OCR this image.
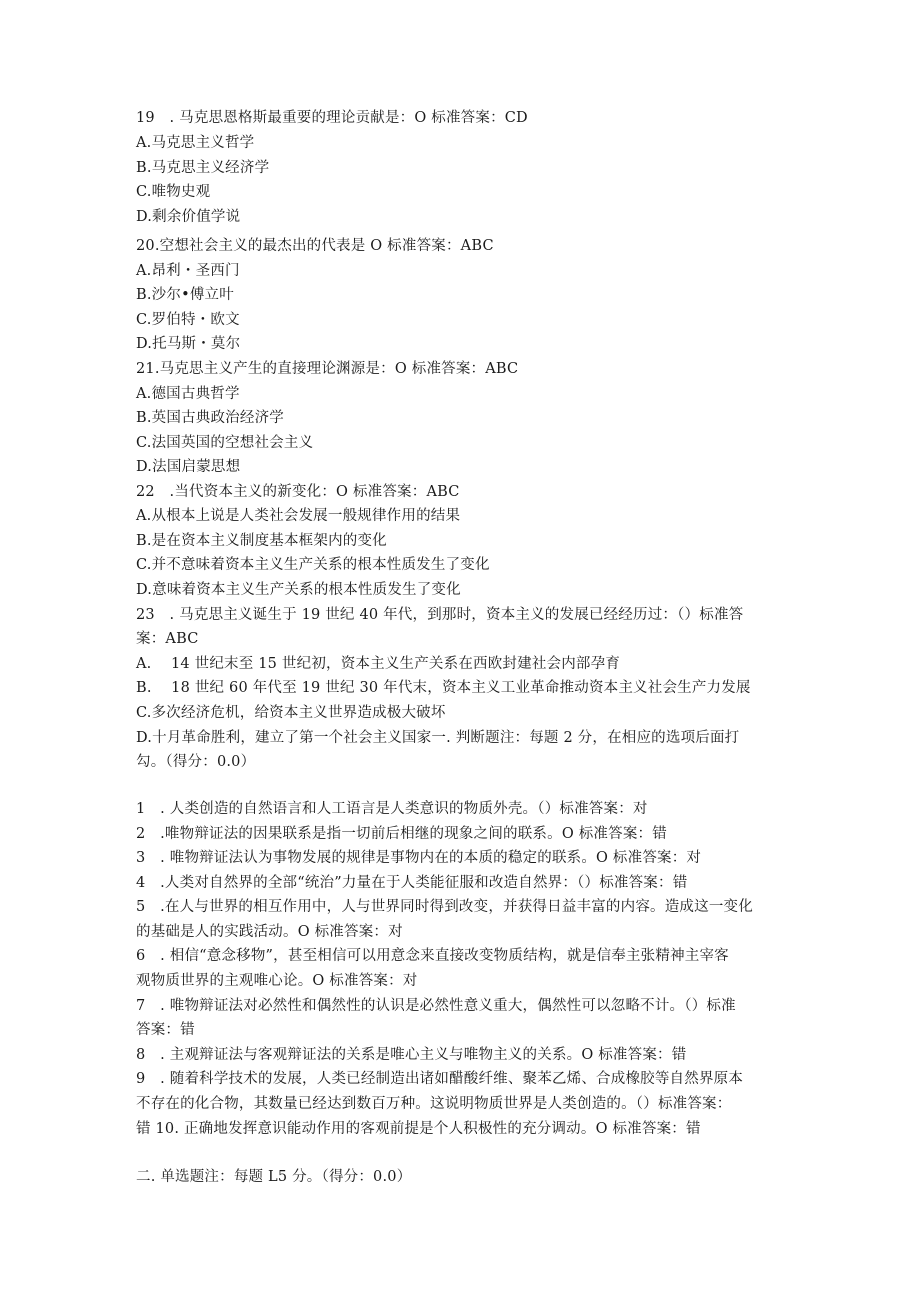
19　. 马克思恩格斯最重要的理论贡献是：O 标准答案：CD
A.马克思主义哲学
B.马克思主义经济学
C.唯物史观
D.剩余价值学说
20.空想社会主义的最杰出的代表是 O 标准答案：ABC
A.昂利・圣西门
B.沙尔•傅立叶
C.罗伯特・欧文
D.托马斯・莫尔
21.马克思主义产生的直接理论渊源是：O 标准答案：ABC
A.德国古典哲学
B.英国古典政治经济学
C.法国英国的空想社会主义
D.法国启蒙思想
22　.当代资本主义的新变化：O 标准答案：ABC
A.从根本上说是人类社会发展一般规律作用的结果
B.是在资本主义制度基本框架内的变化
C.并不意味着资本主义生产关系的根本性质发生了变化
D.意味着资本主义生产关系的根本性质发生了变化
23　. 马克思主义诞生于 19 世纪 40 年代，到那时，资本主义的发展已经经历过：（）标准答
案：ABC
A.　 14 世纪末至 15 世纪初，资本主义生产关系在西欧封建社会内部孕育
B.　 18 世纪 60 年代至 19 世纪 30 年代末，资本主义工业革命推动资本主义社会生产力发展
C.多次经济危机，给资本主义世界造成极大破坏
D.十月革命胜利，建立了第一个社会主义国家一. 判断题注：每题 2 分，在相应的选项后面打
勾。（得分：0.0）
1　. 人类创造的自然语言和人工语言是人类意识的物质外壳。（）标准答案：对
2　.唯物辩证法的因果联系是指一切前后相继的现象之间的联系。O 标准答案：错
3　. 唯物辩证法认为事物发展的规律是事物内在的本质的稳定的联系。O 标准答案：对
4　.人类对自然界的全部“统治”力量在于人类能征服和改造自然界：（）标准答案：错
5　.在人与世界的相互作用中，人与世界同时得到改变，并获得日益丰富的内容。造成这一变化
的基础是人的实践活动。O 标准答案：对
6　. 相信“意念移物”，甚至相信可以用意念来直接改变物质结构，就是信奉主张精神主宰客
观物质世界的主观唯心论。O 标准答案：对
7　. 唯物辩证法对必然性和偶然性的认识是必然性意义重大，偶然性可以忽略不计。（）标准
答案：错
8　. 主观辩证法与客观辩证法的关系是唯心主义与唯物主义的关系。O 标准答案：错
9　. 随着科学技术的发展，人类已经制造出诸如醋酸纤维、聚苯乙烯、合成橡胶等自然界原本
不存在的化合物，其数量已经达到数百万种。这说明物质世界是人类创造的。（）标准答案：
错 10. 正确地发挥意识能动作用的客观前提是个人积极性的充分调动。O 标准答案：错
二. 单选题注：每题 L5 分。（得分：0.0）
